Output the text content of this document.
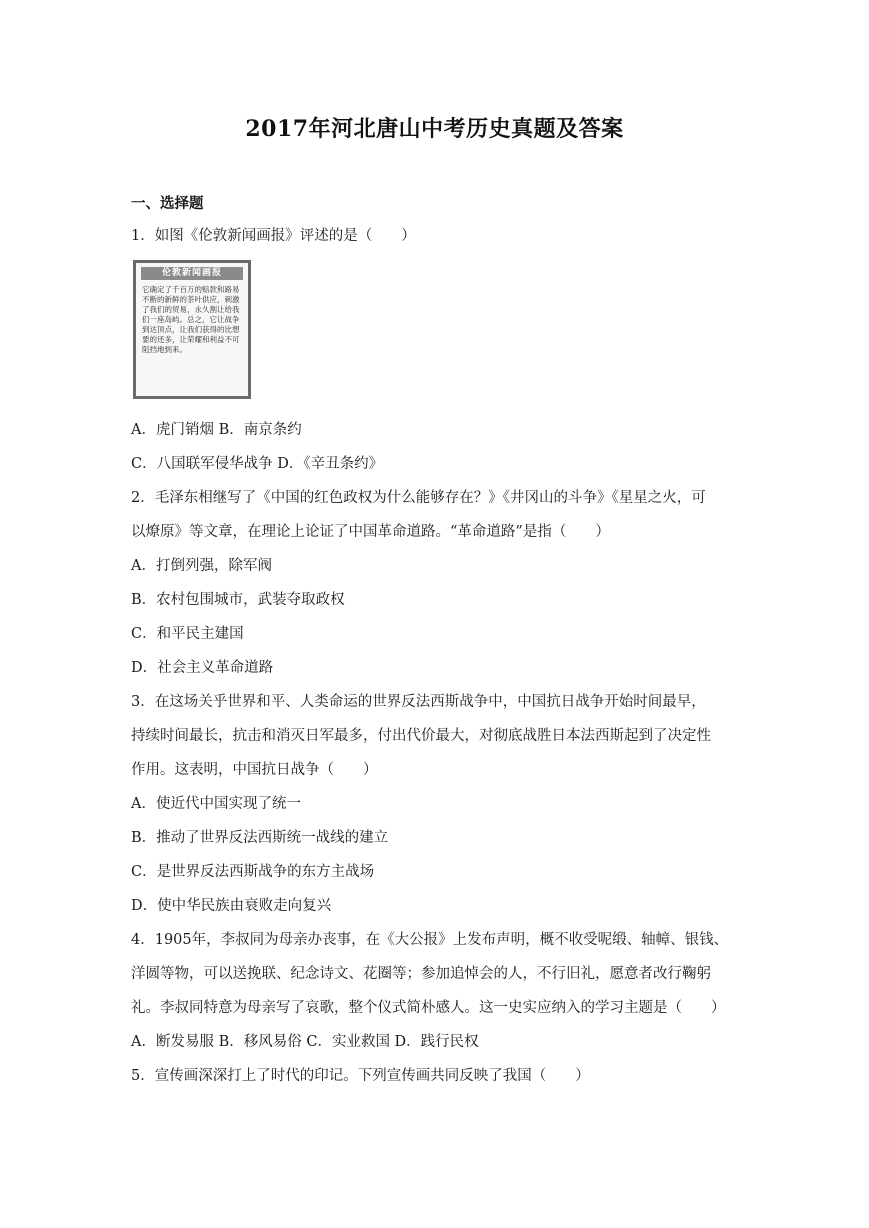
2017年河北唐山中考历史真题及答案
一、选择题
1．如图《伦敦新闻画报》评述的是（　　）
伦敦新闻画报
它确定了千百万的赔款和路易不断的新鲜的茶叶供应，刺激了我们的贸易，永久割让给我们一座岛屿。总之，它让战争到达顶点，让我们获得的比想要的还多，让荣耀和利益不可阻挡地到来。
A．虎门销烟 B．南京条约
C．八国联军侵华战争 D．《辛丑条约》
2．毛泽东相继写了《中国的红色政权为什么能够存在？》《井冈山的斗争》《星星之火，可
以燎原》等文章，在理论上论证了中国革命道路。“革命道路”是指（　　）
A．打倒列强，除军阀
B．农村包围城市，武装夺取政权
C．和平民主建国
D．社会主义革命道路
3．在这场关乎世界和平、人类命运的世界反法西斯战争中，中国抗日战争开始时间最早，
持续时间最长，抗击和消灭日军最多，付出代价最大，对彻底战胜日本法西斯起到了决定性
作用。这表明，中国抗日战争（　　）
A．使近代中国实现了统一
B．推动了世界反法西斯统一战线的建立
C．是世界反法西斯战争的东方主战场
D．使中华民族由衰败走向复兴
4．1905年，李叔同为母亲办丧事，在《大公报》上发布声明，概不收受呢缎、轴幛、银钱、
洋圆等物，可以送挽联、纪念诗文、花圈等；参加追悼会的人，不行旧礼，愿意者改行鞠躬
礼。李叔同特意为母亲写了哀歌，整个仪式简朴感人。这一史实应纳入的学习主题是（　　）
A．断发易服 B．移风易俗 C．实业救国 D．践行民权
5．宣传画深深打上了时代的印记。下列宣传画共同反映了我国（　　）
